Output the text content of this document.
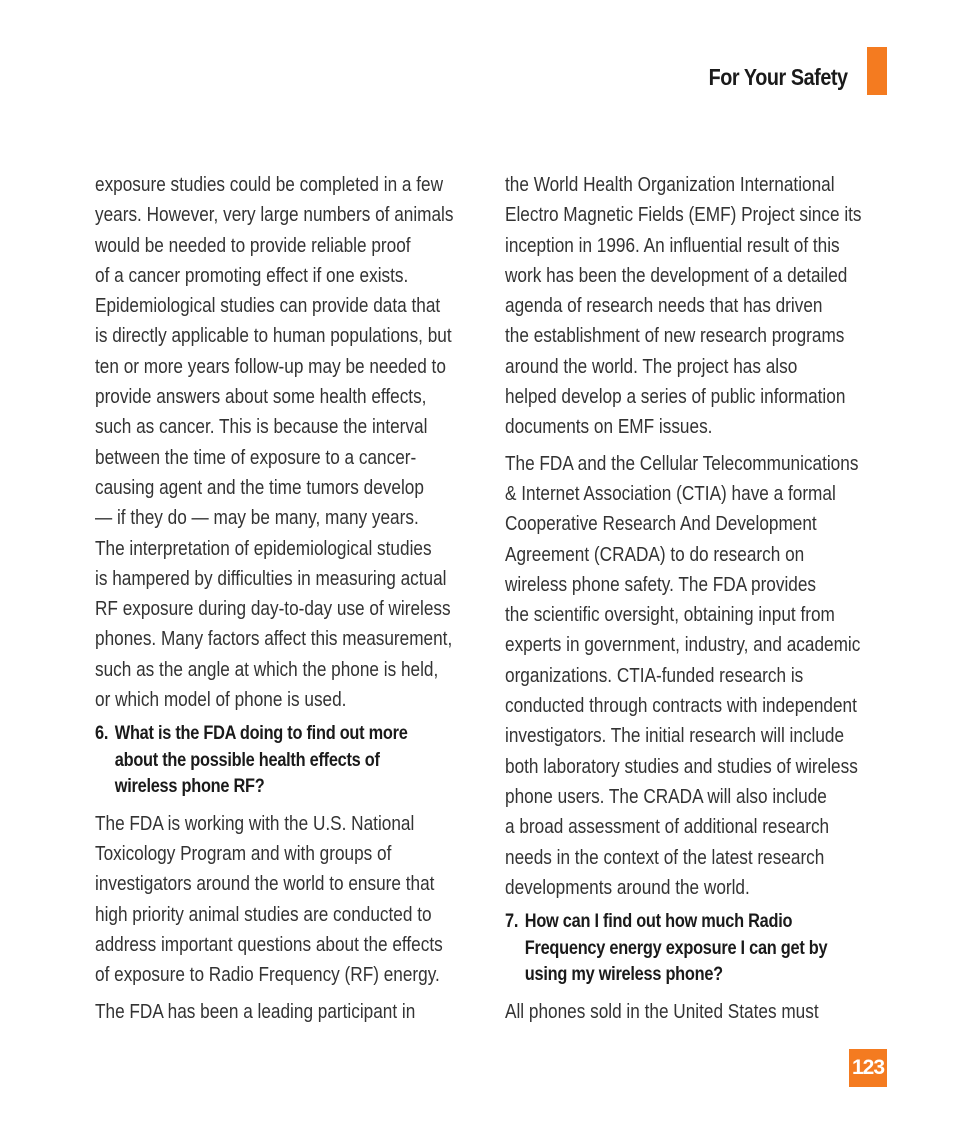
For Your Safety

exposure studies could be completed in a few
years. However, very large numbers of animals
would be needed to provide reliable proof
of a cancer promoting effect if one exists.
Epidemiological studies can provide data that
is directly applicable to human populations, but
ten or more years follow-up may be needed to
provide answers about some health effects,
such as cancer. This is because the interval
between the time of exposure to a cancer-
causing agent and the time tumors develop
— if they do — may be many, many years.
The interpretation of epidemiological studies
is hampered by difficulties in measuring actual
RF exposure during day-to-day use of wireless
phones. Many factors affect this measurement,
such as the angle at which the phone is held,
or which model of phone is used.

6. What is the FDA doing to find out more
about the possible health effects of
wireless phone RF?

The FDA is working with the U.S. National
Toxicology Program and with groups of
investigators around the world to ensure that
high priority animal studies are conducted to
address important questions about the effects
of exposure to Radio Frequency (RF) energy.

The FDA has been a leading participant in

the World Health Organization International
Electro Magnetic Fields (EMF) Project since its
inception in 1996. An influential result of this
work has been the development of a detailed
agenda of research needs that has driven
the establishment of new research programs
around the world. The project has also
helped develop a series of public information
documents on EMF issues.

The FDA and the Cellular Telecommunications
& Internet Association (CTIA) have a formal
Cooperative Research And Development
Agreement (CRADA) to do research on
wireless phone safety. The FDA provides
the scientific oversight, obtaining input from
experts in government, industry, and academic
organizations. CTIA-funded research is
conducted through contracts with independent
investigators. The initial research will include
both laboratory studies and studies of wireless
phone users. The CRADA will also include
a broad assessment of additional research
needs in the context of the latest research
developments around the world.

7. How can I find out how much Radio
Frequency energy exposure I can get by
using my wireless phone?

All phones sold in the United States must

123
